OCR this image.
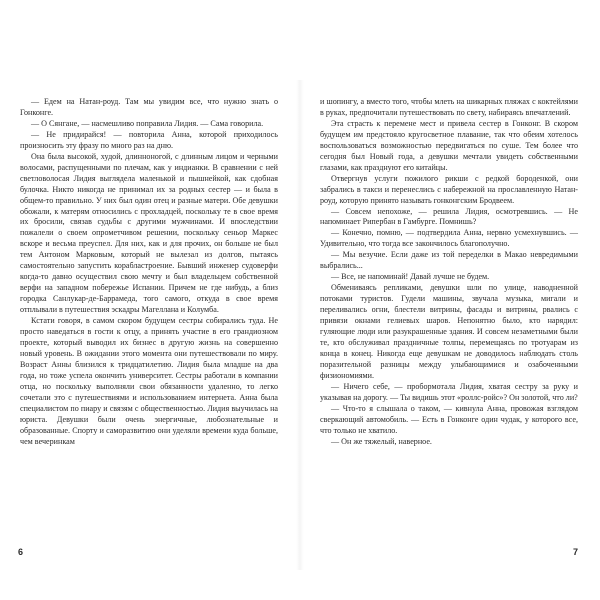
— Едем на Натан-роуд. Там мы увидим все, что нужно знать о Гонконге.

— О Сянгане, — насмешливо поправила Лидия. — Сама говорила.

— Не придирайся! — повторила Анна, которой приходилось произносить эту фразу по много раз на дню.

Она была высокой, худой, длинноногой, с длинным лицом и черными волосами, распущенными по плечам, как у индианки. В сравнении с ней светловолосая Лидия выглядела маленькой и пышнейкой, как сдобная булочка. Никто никогда не принимал их за родных сестер — и была в общем-то правильно. У них был один отец и разные матери. Обе девушки обожали, к матерям относились с прохладцей, поскольку те в свое время их бросили, связав судьбы с другими мужчинами. И впоследствии пожалели о своем опрометчивом решении, поскольку сеньор Маркес вскоре и весьма преуспел. Для них, как и для прочих, он больше не был тем Антоном Марковым, который не вылезал из долгов, пытаясь самостоятельно запустить корабластроение. Бывший инженер судоверфи когда-то давно осуществил свою мечту и был владельцем собственной верфи на западном побережье Испании. Причем не где нибудь, а близ городка Санлукар-де-Баррамеда, того самого, откуда в свое время отплывали в путешествия эскадры Магеллана и Колумба.

Кстати говоря, в самом скором будущем сестры собирались туда. Не просто наведаться в гости к отцу, а принять участие в его грандиозном проекте, который выводил их бизнес в другую жизнь на совершенно новый уровень. В ожидании этого момента они путешествовали по миру. Возраст Анны близился к тридцатилетию. Лидия была младше на два года, но тоже успела окончить университет. Сестры работали в компании отца, но поскольку выполняли свои обязанности удаленно, то легко сочетали это с путешествиями и использованием интернета. Анна была специалистом по пиару и связям с общественностью. Лидия выучилась на юриста. Девушки были очень энергичные, любознательные и образованные. Спорту и саморазвитию они уделяли времени куда больше, чем вечеринкам

6

и шопингу, а вместо того, чтобы млеть на шикарных пляжах с коктейлями в руках, предпочитали путешествовать по свету, набираясь впечатлений.

Эта страсть к перемене мест и привела сестер в Гонконг. В скором будущем им предстояло кругосветное плавание, так что обеим хотелось воспользоваться возможностью передвигаться по суше. Тем более что сегодня был Новый года, а девушки мечтали увидеть собственными глазами, как празднуют его китайцы.

Отвергнув услуги пожилого рикши с редкой бороденкой, они забрались в такси и перенеслись с набережной на прославленную Натан-роуд, которую принято называть гонконгским Бродвеем.

— Совсем непохоже, — решила Лидия, осмотревшись. — Не напоминает Рипербан в Гамбурге. Помнишь?

— Конечно, помню, — подтвердила Анна, нервно усмехнувшись. — Удивительно, что тогда все закончилось благополучно.

— Мы везучие. Если даже из той переделки в Макао невредимыми выбрались...

— Все, не напоминай! Давай лучше не будем.

Обмениваясь репликами, девушки шли по улице, наводненной потоками туристов. Гудели машины, звучала музыка, мигали и переливались огни, блестели витрины, фасады и витрины, рвались с привязи окнами гелиевых шаров. Непонятно было, кто нарядил: гуляющие люди или разукрашенные здания. И совсем незаметными были те, кто обслуживал праздничные толпы, перемещаясь по тротуарам из конца в конец. Никогда еще девушкам не доводилось наблюдать столь поразительной разницы между улыбающимися и озабоченными физиономиями.

— Ничего себе, — пробормотала Лидия, хватая сестру за руку и указывая на дорогу. — Ты видишь этот «роллс-ройс»? Он золотой, что ли?

— Что-то я слышала о таком, — кивнула Анна, провожая взглядом сверкающий автомобиль. — Есть в Гонконге один чудак, у которого все, что только не хватило.

— Он же тяжелый, наверное.

7
